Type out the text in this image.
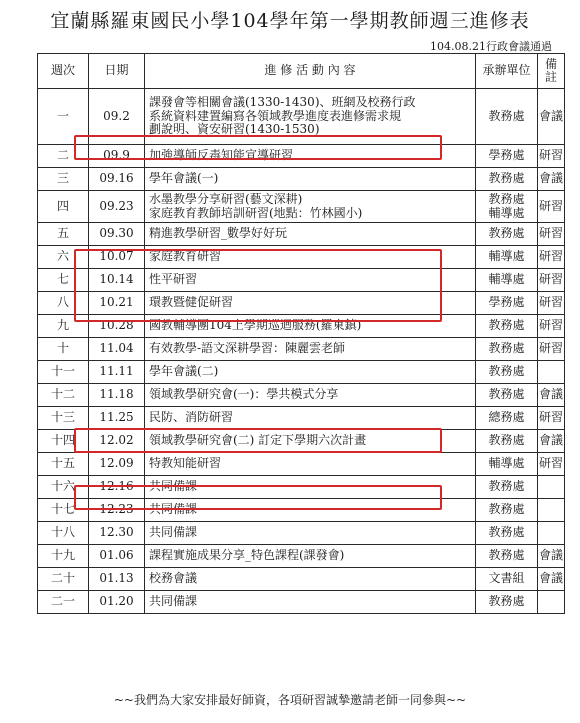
宜蘭縣羅東國民小學104學年第一學期教師週三進修表
104.08.21行政會議通過
週次	日期	進 修 活 動 內 容	承辦單位	備
註

一	09.2	課發會等相關會議(1330-1430)、班網及校務行政
系統資料建置編寫各領域教學進度表進修需求規
劃說明、資安研習(1430-1530)	教務處	會議
二	09.9	加強導師反毒知能宣導研習	學務處	研習
三	09.16	學年會議(一)	教務處	會議
四	09.23	水墨教學分享研習(藝文深耕)
家庭教育教師培訓研習(地點：竹林國小)	教務處
輔導處	研習
五	09.30	精進教學研習_數學好好玩	教務處	研習
六	10.07	家庭教育研習	輔導處	研習
七	10.14	性平研習	輔導處	研習
八	10.21	環教暨健促研習	學務處	研習
九	10.28	國教輔導團104上學期巡迴服務(羅東鎮)	教務處	研習
十	11.04	有效教學-語文深耕學習：陳麗雲老師	教務處	研習
十一	11.11	學年會議(二)	教務處	

十二	11.18	領域教學研究會(一)：學共模式分享	教務處	會議
十三	11.25	民防、消防研習	總務處	研習
十四	12.02	領域教學研究會(二) 訂定下學期六次計畫	教務處	會議
十五	12.09	特教知能研習	輔導處	研習
十六	12.16	共同備課	教務處	

十七	12.23	共同備課	教務處	

十八	12.30	共同備課	教務處	

十九	01.06	課程實施成果分享_特色課程(課發會)	教務處	會議
二十	01.13	校務會議	文書組	會議
二一	01.20	共同備課	教務處	

~~我們為大家安排最好師資，各項研習誠摯邀請老師一同參與~~
